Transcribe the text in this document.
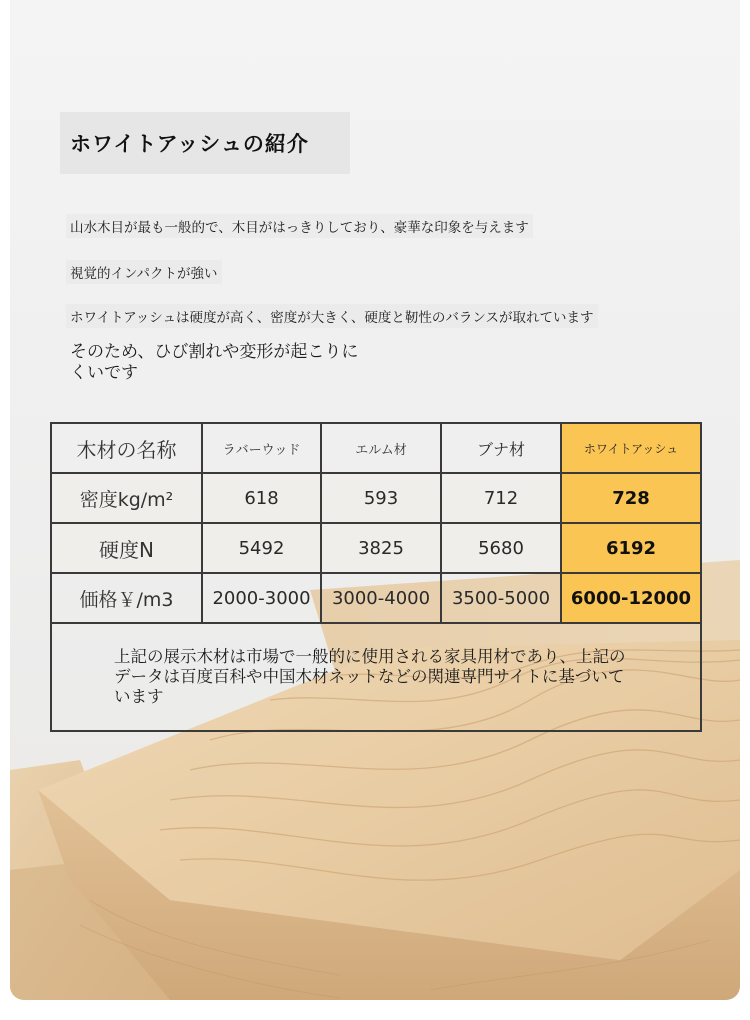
ホワイトアッシュの紹介
山水木目が最も一般的で、木目がはっきりしており、豪華な印象を与えます
視覚的インパクトが強い
ホワイトアッシュは硬度が高く、密度が大きく、硬度と靭性のバランスが取れています
そのため、ひび割れや変形が起こりにくいです
木材の名称	ラバーウッド	エルム材	ブナ材	ホワイトアッシュ
密度kg/m²	618	593	712	728
硬度N	5492	3825	5680	6192
価格￥/m3	2000-3000	3000-4000	3500-5000	6000-12000
上記の展示木材は市場で一般的に使用される家具用材であり、上記のデータは百度百科や中国木材ネットなどの関連専門サイトに基づいています				
